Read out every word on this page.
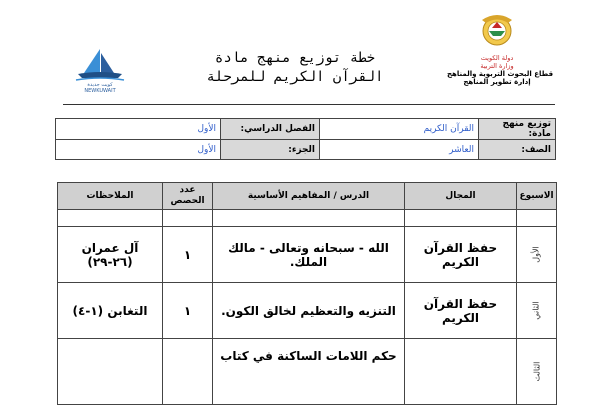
كويت جديدة
NEWKUWAIT
خطة توزيع منهج مادة
القرآن الكريم للمرحلة
دولة الكويت
وزارة التربية
قطاع البحوث التربوية والمناهج
إدارة تطوير المناهج
توزيع منهج مادة:	القرآن الكريم	الفصل الدراسي:	الأول
الصف:	العاشر	الجزء:	الأول
الاسبوع	المجال	الدرس / المفاهيم الأساسية	عدد الحصص	الملاحظات

الأول	حفظ القرآن الكريم	الله - سبحانه وتعالى - مالك الملك.	١	آل عمران (٢٦-٢٩)
الثاني	حفظ القرآن الكريم	التنزيه والتعظيم لخالق الكون.	١	التغابن (١-٤)
الثالث		حكم اللامات الساكنة في كتاب		
